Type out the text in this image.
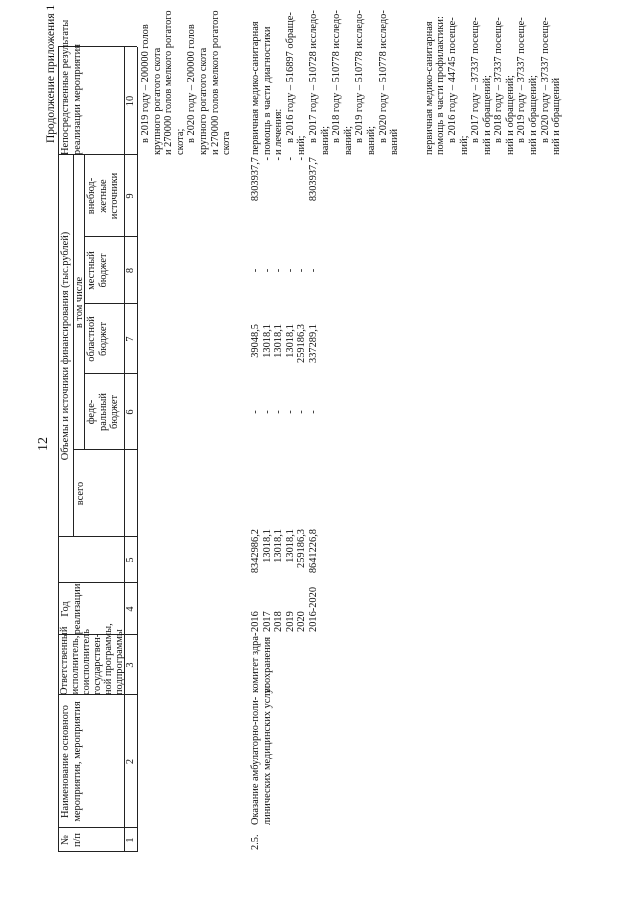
12
Продолжение приложения 1
№ п/п
Наименование основного мероприятия, мероприятия
Ответственный исполнитель, соисполнитель государствен- ной программы, подпрограммы
Год реализации
Объемы и источники финансирования (тыс.рублей)
всего
в том числе
феде- ральный бюджет
областной бюджет
местный бюджет
внебюд- жетные источники
Непосредственные результаты реализации мероприятия
1
2
3
4
5
6
7
8
9
10 в 2019 году – 200000 голов крупного рогатого скота и 270000 голов мелкого рогатого скота; в 2020 году – 200000 голов крупного рогатого скота и 270000 голов мелкого рогатого скота
2.5.
Оказание амбулаторно-поли- линических медицинских услуг
комитет здра- воохранения
2016 2017 2018 2019 2020 2016-2020
8342986,2 13018,1 13018,1 13018,1 259186,3 8641226,8
- - - - - -
39048,5 13018,1 13018,1 13018,1 259186,3 337289,1
- - - - - -
8303937,7 - - - - 8303937,7
первичная медико-санитарная помощь в части диагностики и лечения: в 2016 году – 516897 обраще-
ний;
в 2017 году – 510728 исследо- ваний; в 2018 году – 510778 исследо- ваний; в 2019 году – 510778 исследо- ваний; в 2020 году – 510778 исследо- ваний первичная медико-санитарная помощь в части профилактики: в 2016 году – 44745 посеще-
ний;
в 2017 году – 37337 посеще- ний и обращений; в 2018 году – 37337 посеще- ний и обращений; в 2019 году – 37337 посеще- ний и обращений; в 2020 году – 37337 посеще- ний и обращений
